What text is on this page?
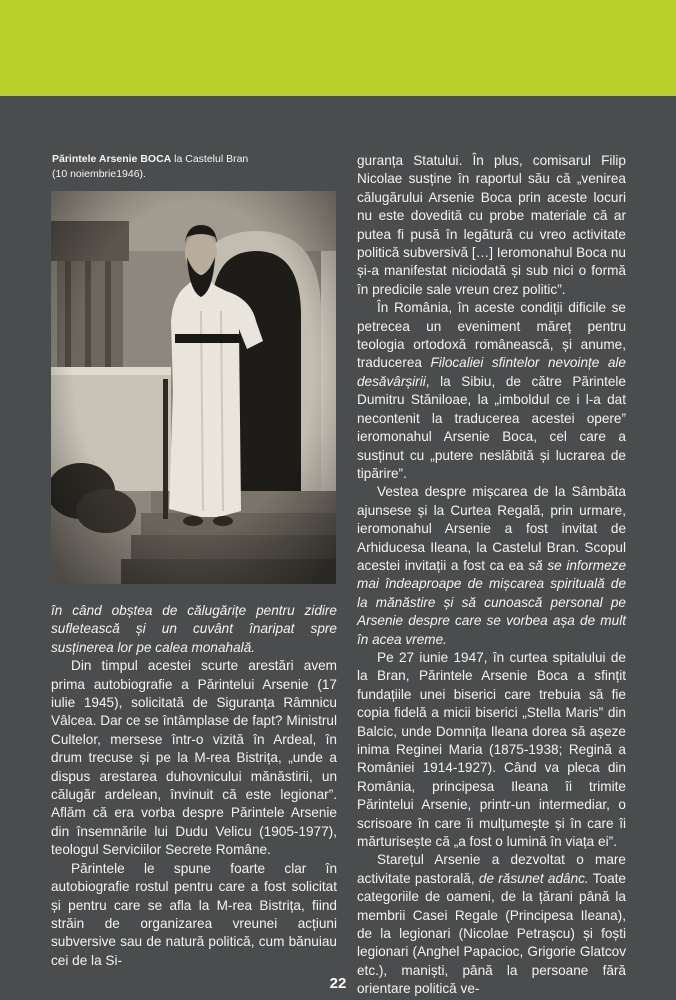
Părintele Arsenie BOCA la Castelul Bran
(10 noiembrie1946).

în când obștea de călugărițe pentru zidire sufletească și un cuvânt înaripat spre susținerea lor pe calea monahală.

Din timpul acestei scurte arestări avem prima autobiografie a Părintelui Arsenie (17 iulie 1945), solicitată de Siguranța Râmnicu Vâlcea. Dar ce se întâmplase de fapt? Ministrul Cultelor, mersese într-o vizită în Ardeal, în drum trecuse și pe la M-rea Bistrița, „unde a dispus arestarea duhovnicului mănăstirii, un călugăr ardelean, învinuit că este legionar”. Aflăm că era vorba despre Părintele Arsenie din însemnările lui Dudu Velicu (1905-1977), teologul Serviciilor Secrete Române.

Părintele le spune foarte clar în autobiografie rostul pentru care a fost solicitat și pentru care se afla la M-rea Bistrița, fiind străin de organizarea vreunei acțiuni subversive sau de natură politică, cum bănuiau cei de la Si-

guranța Statului. În plus, comisarul Filip Nicolae susține în raportul său că „venirea călugărului Arsenie Boca prin aceste locuri nu este dovedită cu probe materiale că ar putea fi pusă în legătură cu vreo activitate politică subversivă […] Ieromonahul Boca nu și-a manifestat niciodată și sub nici o formă în predicile sale vreun crez politic”.

În România, în aceste condiții dificile se petrecea un eveniment măreț pentru teologia ortodoxă românească, și anume, traducerea Filocaliei sfintelor nevoințe ale desăvârșirii, la Sibiu, de către Părintele Dumitru Stăniloae, la „imboldul ce i l-a dat necontenit la traducerea acestei opere” ieromonahul Arsenie Boca, cel care a susținut cu „putere neslăbită și lucrarea de tipărire”.

Vestea despre mișcarea de la Sâmbăta ajunsese și la Curtea Regală, prin urmare, ieromonahul Arsenie a fost invitat de Arhiducesa Ileana, la Castelul Bran. Scopul acestei invitații a fost ca ea să se informeze mai îndeaproape de mișcarea spirituală de la mănăstire și să cunoască personal pe Arsenie despre care se vorbea așa de mult în acea vreme.

Pe 27 iunie 1947, în curtea spitalului de la Bran, Părintele Arsenie Boca a sfințit fundațiile unei biserici care trebuia să fie copia fidelă a micii biserici „Stella Maris” din Balcic, unde Domnița Ileana dorea să așeze inima Reginei Maria (1875-1938; Regină a României 1914-1927). Când va pleca din România, principesa Ileana îi trimite Părintelui Arsenie, printr-un intermediar, o scrisoare în care îi mulțumește și în care îi mărturisește că „a fost o lumină în viața ei”.

Starețul Arsenie a dezvoltat o mare activitate pastorală, de răsunet adânc. Toate categoriile de oameni, de la țărani până la membrii Casei Regale (Principesa Ileana), de la legionari (Nicolae Petrașcu) și foști legionari (Anghel Papacioc, Grigorie Glatcov etc.), maniști, până la persoane fără orientare politică ve-

22
